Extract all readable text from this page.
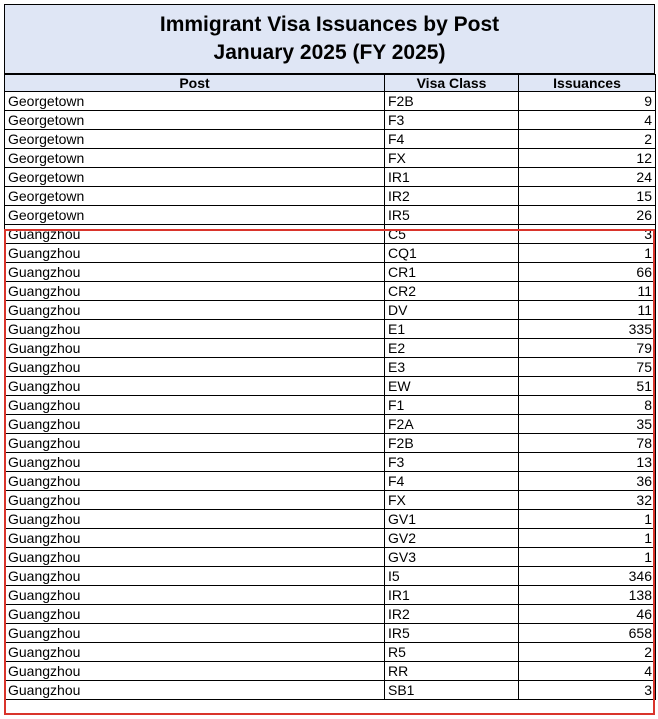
Immigrant Visa Issuances by Post
January 2025 (FY 2025)
Post	Visa Class	Issuances
Georgetown	F2B	9
Georgetown	F3	4
Georgetown	F4	2
Georgetown	FX	12
Georgetown	IR1	24
Georgetown	IR2	15
Georgetown	IR5	26
Guangzhou	C5	3
Guangzhou	CQ1	1
Guangzhou	CR1	66
Guangzhou	CR2	11
Guangzhou	DV	11
Guangzhou	E1	335
Guangzhou	E2	79
Guangzhou	E3	75
Guangzhou	EW	51
Guangzhou	F1	8
Guangzhou	F2A	35
Guangzhou	F2B	78
Guangzhou	F3	13
Guangzhou	F4	36
Guangzhou	FX	32
Guangzhou	GV1	1
Guangzhou	GV2	1
Guangzhou	GV3	1
Guangzhou	I5	346
Guangzhou	IR1	138
Guangzhou	IR2	46
Guangzhou	IR5	658
Guangzhou	R5	2
Guangzhou	RR	4
Guangzhou	SB1	3
